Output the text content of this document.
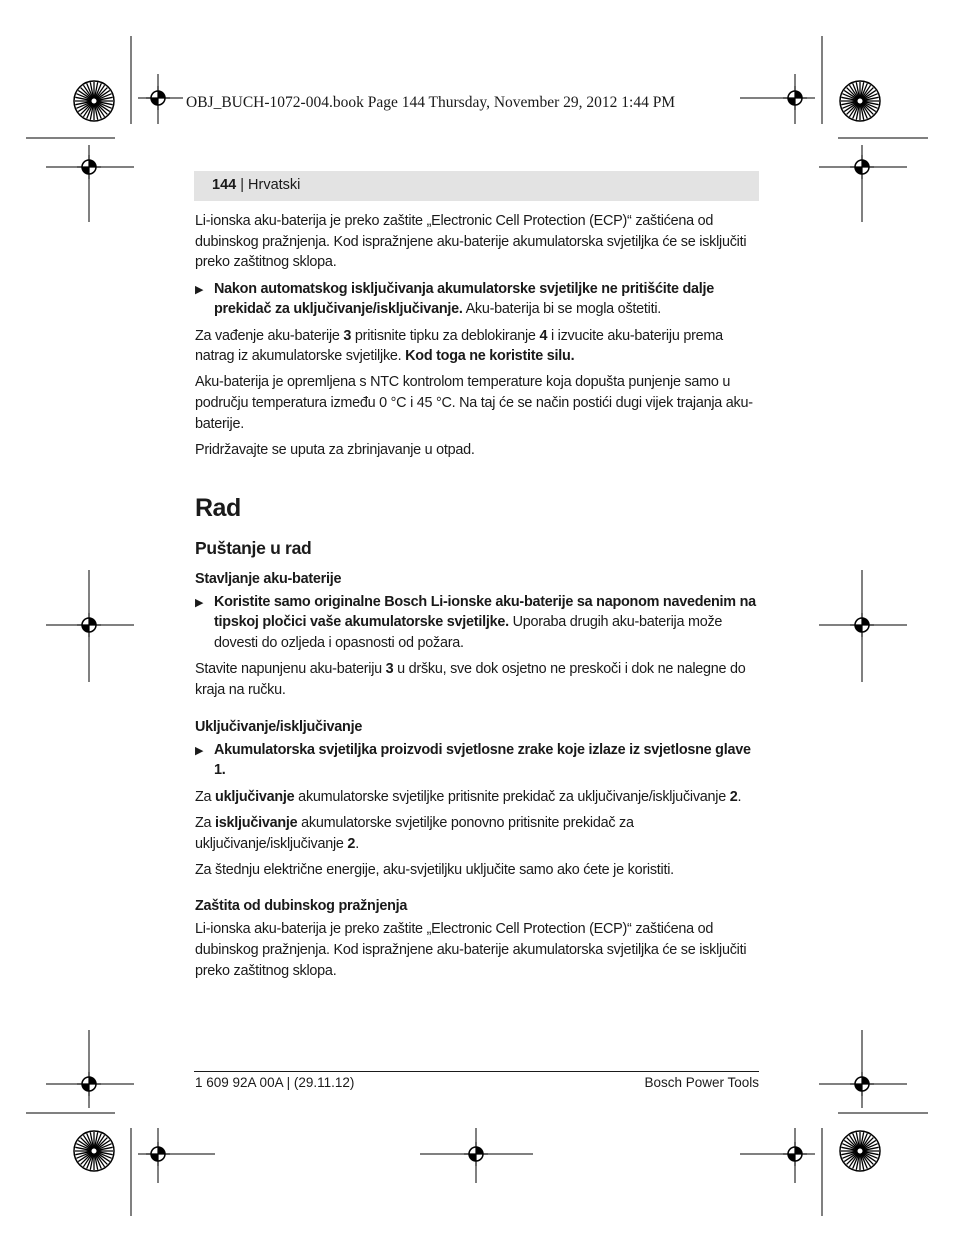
OBJ_BUCH-1072-004.book Page 144 Thursday, November 29, 2012 1:44 PM
144 | Hrvatski

Li-ionska aku-baterija je preko zaštite „Electronic Cell Protection (ECP)“ zaštićena od dubinskog pražnjenja. Kod ispražnjene aku-baterije akumulatorska svjetiljka će se isključiti preko zaštitnog sklopa.

▶ Nakon automatskog isključivanja akumulatorske svjetiljke ne pritišćite dalje prekidač za uključivanje/isključivanje. Aku-baterija bi se mogla oštetiti.

Za vađenje aku-baterije 3 pritisnite tipku za deblokiranje 4 i izvucite aku-bateriju prema natrag iz akumulatorske svjetiljke. Kod toga ne koristite silu.

Aku-baterija je opremljena s NTC kontrolom temperature koja dopušta punjenje samo u području temperatura između 0 °C i 45 °C. Na taj će se način postići dugi vijek trajanja aku-baterije.

Pridržavajte se uputa za zbrinjavanje u otpad.

Rad
Puštanje u rad
Stavljanje aku-baterije
▶ Koristite samo originalne Bosch Li-ionske aku-baterije sa naponom navedenim na tipskoj pločici vaše akumulatorske svjetiljke. Uporaba drugih aku-baterija može dovesti do ozljeda i opasnosti od požara.

Stavite napunjenu aku-bateriju 3 u dršku, sve dok osjetno ne preskoči i dok ne nalegne do kraja na ručku.

Uključivanje/isključivanje
▶ Akumulatorska svjetiljka proizvodi svjetlosne zrake koje izlaze iz svjetlosne glave 1.

Za uključivanje akumulatorske svjetiljke pritisnite prekidač za uključivanje/isključivanje 2.

Za isključivanje akumulatorske svjetiljke ponovno pritisnite prekidač za uključivanje/isključivanje 2.

Za štednju električne energije, aku-svjetiljku uključite samo ako ćete je koristiti.

Zaštita od dubinskog pražnjenja

Li-ionska aku-baterija je preko zaštite „Electronic Cell Protection (ECP)“ zaštićena od dubinskog pražnjenja. Kod ispražnjene aku-baterije akumulatorska svjetiljka će se isključiti preko zaštitnog sklopa.

1 609 92A 00A | (29.11.12)	Bosch Power Tools
